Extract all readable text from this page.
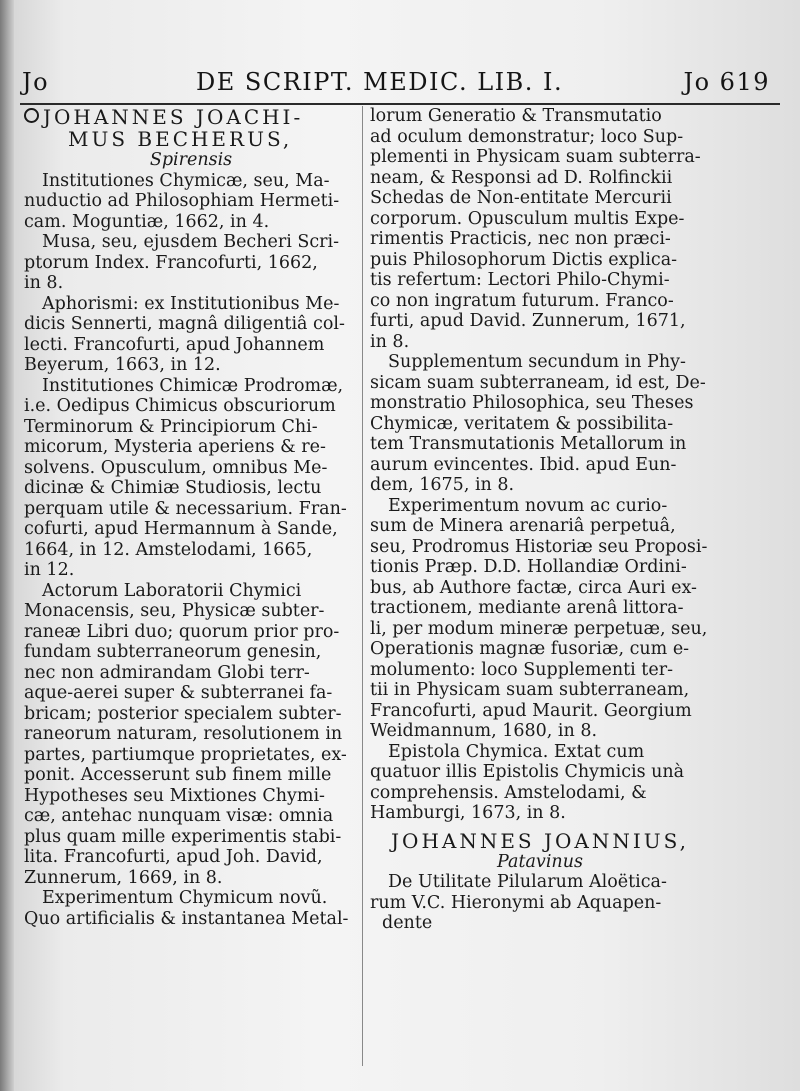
Jo	DE SCRIPT. MEDIC. LIB. I.	Jo 619
JOHANNES JOACHI-
MUS BECHERUS,
Spirensis
Institutiones Chymicæ, seu, Ma-
nuductio ad Philosophiam Hermeti-
cam. Moguntiæ, 1662, in 4.
Musa, seu, ejusdem Becheri Scri-
ptorum Index. Francofurti, 1662,
in 8.
Aphorismi: ex Institutionibus Me-
dicis Sennerti, magnâ diligentiâ col-
lecti. Francofurti, apud Johannem
Beyerum, 1663, in 12.
Institutiones Chimicæ Prodromæ,
i.e. Oedipus Chimicus obscuriorum
Terminorum & Principiorum Chi-
micorum, Mysteria aperiens & re-
solvens. Opusculum, omnibus Me-
dicinæ & Chimiæ Studiosis, lectu
perquam utile & necessarium. Fran-
cofurti, apud Hermannum à Sande,
1664, in 12. Amstelodami, 1665,
in 12.
Actorum Laboratorii Chymici
Monacensis, seu, Physicæ subter-
raneæ Libri duo; quorum prior pro-
fundam subterraneorum genesin,
nec non admirandam Globi terr-
aque-aerei super & subterranei fa-
bricam; posterior specialem subter-
raneorum naturam, resolutionem in
partes, partiumque proprietates, ex-
ponit. Accesserunt sub finem mille
Hypotheses seu Mixtiones Chymi-
cæ, antehac nunquam visæ: omnia
plus quam mille experimentis stabi-
lita. Francofurti, apud Joh. David,
Zunnerum, 1669, in 8.
Experimentum Chymicum novũ.
Quo artificialis & instantanea Metal-
lorum Generatio & Transmutatio
ad oculum demonstratur; loco Sup-
plementi in Physicam suam subterra-
neam, & Responsi ad D. Rolfinckii
Schedas de Non-entitate Mercurii
corporum. Opusculum multis Expe-
rimentis Practicis, nec non præci-
puis Philosophorum Dictis explica-
tis refertum: Lectori Philo-Chymi-
co non ingratum futurum. Franco-
furti, apud David. Zunnerum, 1671,
in 8.
Supplementum secundum in Phy-
sicam suam subterraneam, id est, De-
monstratio Philosophica, seu Theses
Chymicæ, veritatem & possibilita-
tem Transmutationis Metallorum in
aurum evincentes. Ibid. apud Eun-
dem, 1675, in 8.
Experimentum novum ac curio-
sum de Minera arenariâ perpetuâ,
seu, Prodromus Historiæ seu Proposi-
tionis Præp. D.D. Hollandiæ Ordini-
bus, ab Authore factæ, circa Auri ex-
tractionem, mediante arenâ littora-
li, per modum mineræ perpetuæ, seu,
Operationis magnæ fusoriæ, cum e-
molumento: loco Supplementi ter-
tii in Physicam suam subterraneam,
Francofurti, apud Maurit. Georgium
Weidmannum, 1680, in 8.
Epistola Chymica. Extat cum
quatuor illis Epistolis Chymicis unà
comprehensis. Amstelodami, &
Hamburgi, 1673, in 8.
JOHANNES JOANNIUS,
Patavinus
De Utilitate Pilularum Aloëtica-
rum V.C. Hieronymi ab Aquapen-
dente
